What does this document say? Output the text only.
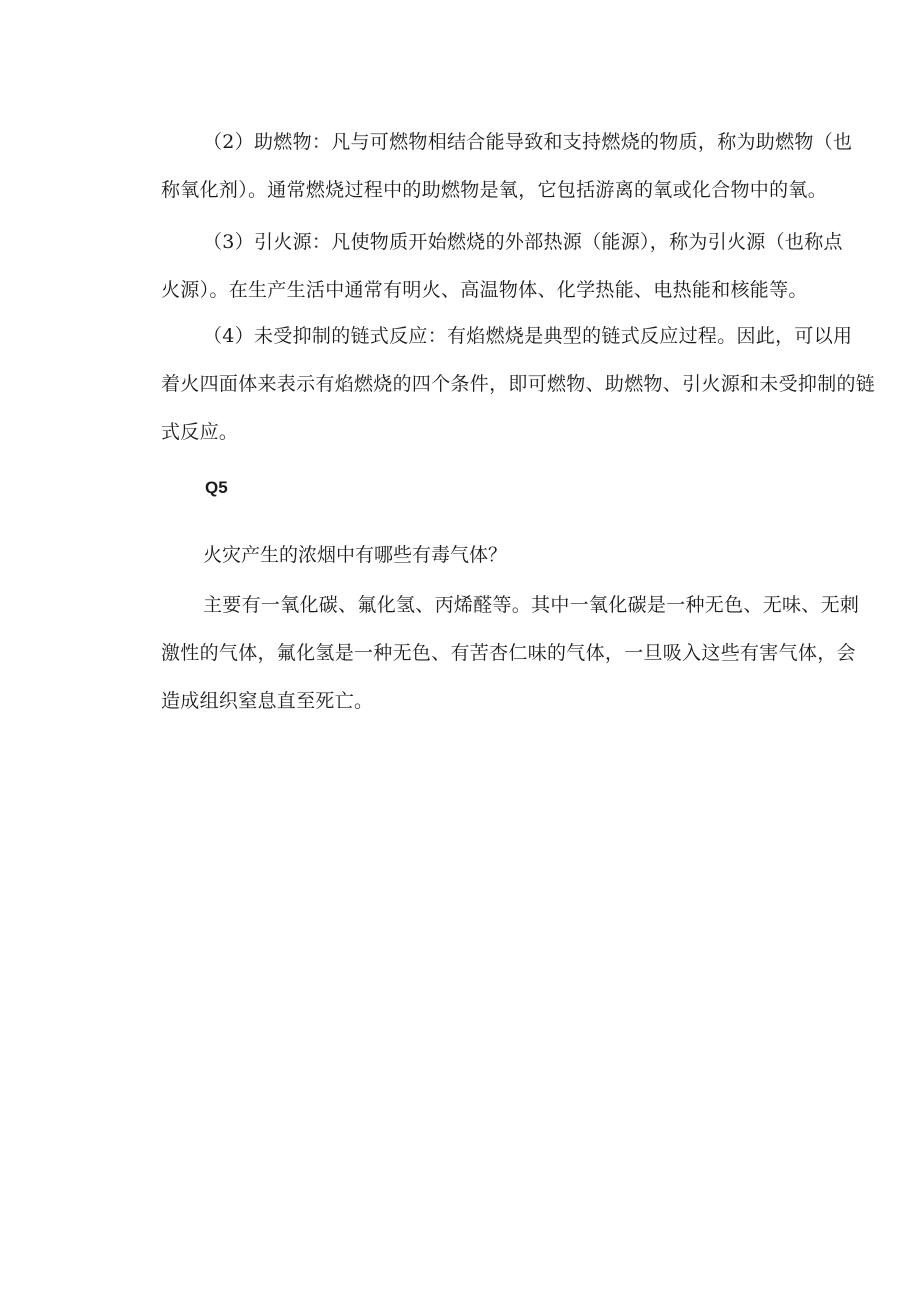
（2）助燃物：凡与可燃物相结合能导致和支持燃烧的物质，称为助燃物（也
称氧化剂）。通常燃烧过程中的助燃物是氧，它包括游离的氧或化合物中的氧。

（3）引火源：凡使物质开始燃烧的外部热源（能源），称为引火源（也称点
火源）。在生产生活中通常有明火、高温物体、化学热能、电热能和核能等。

（4）未受抑制的链式反应：有焰燃烧是典型的链式反应过程。因此，可以用
着火四面体来表示有焰燃烧的四个条件，即可燃物、助燃物、引火源和未受抑制的链
式反应。

Q5

火灾产生的浓烟中有哪些有毒气体？

主要有一氧化碳、氟化氢、丙烯醛等。其中一氧化碳是一种无色、无味、无刺
激性的气体，氟化氢是一种无色、有苦杏仁味的气体，一旦吸入这些有害气体，会
造成组织窒息直至死亡。
